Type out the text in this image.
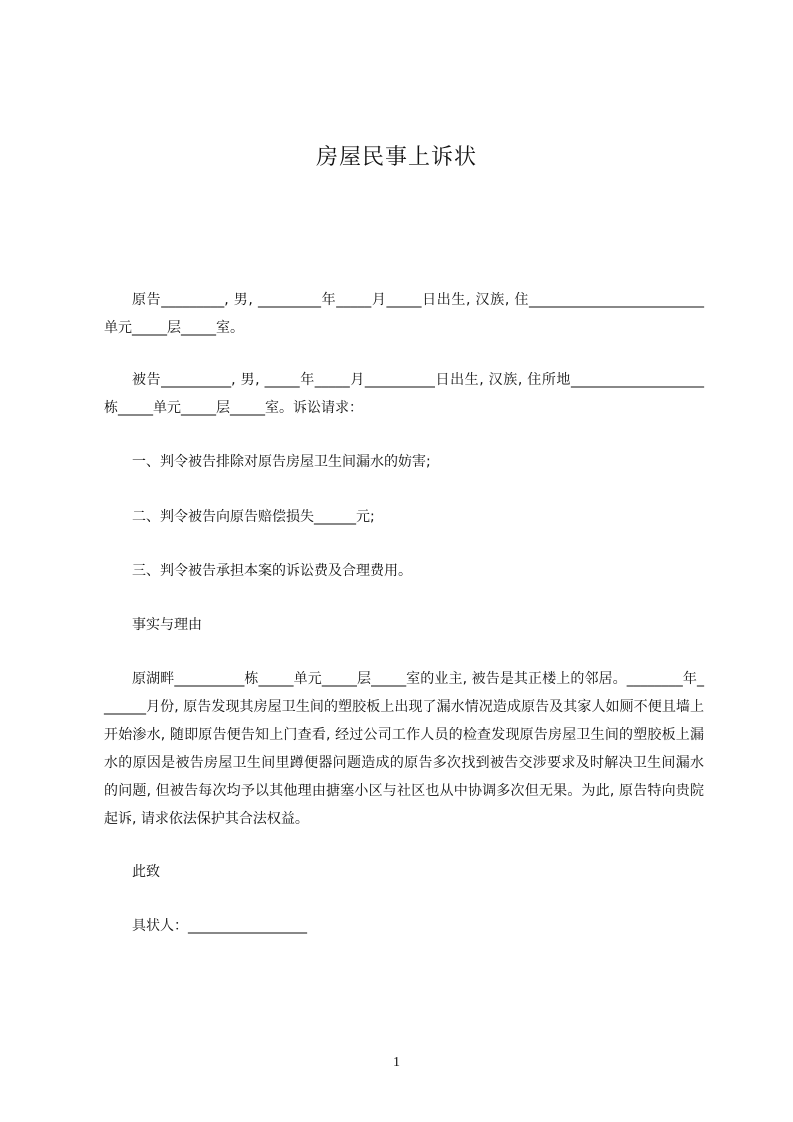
房屋民事上诉状

原告_________, 男, _________年_____月_____日出生, 汉族, 住_________________________单元_____层_____室。

被告__________, 男, _____年_____月__________日出生, 汉族, 住所地___________________栋_____单元_____层_____室。诉讼请求：

一、判令被告排除对原告房屋卫生间漏水的妨害;

二、判令被告向原告赔偿损失______元;

三、判令被告承担本案的诉讼费及合理费用。

事实与理由

原湖畔__________栋_____单元_____层_____室的业主, 被告是其正楼上的邻居。________年_______月份, 原告发现其房屋卫生间的塑胶板上出现了漏水情况造成原告及其家人如厕不便且墙上开始渗水, 随即原告便告知上门查看, 经过公司工作人员的检查发现原告房屋卫生间的塑胶板上漏水的原因是被告房屋卫生间里蹲便器问题造成的原告多次找到被告交涉要求及时解决卫生间漏水的问题, 但被告每次均予以其他理由搪塞小区与社区也从中协调多次但无果。为此, 原告特向贵院起诉, 请求依法保护其合法权益。

此致

具状人：_________________

1
